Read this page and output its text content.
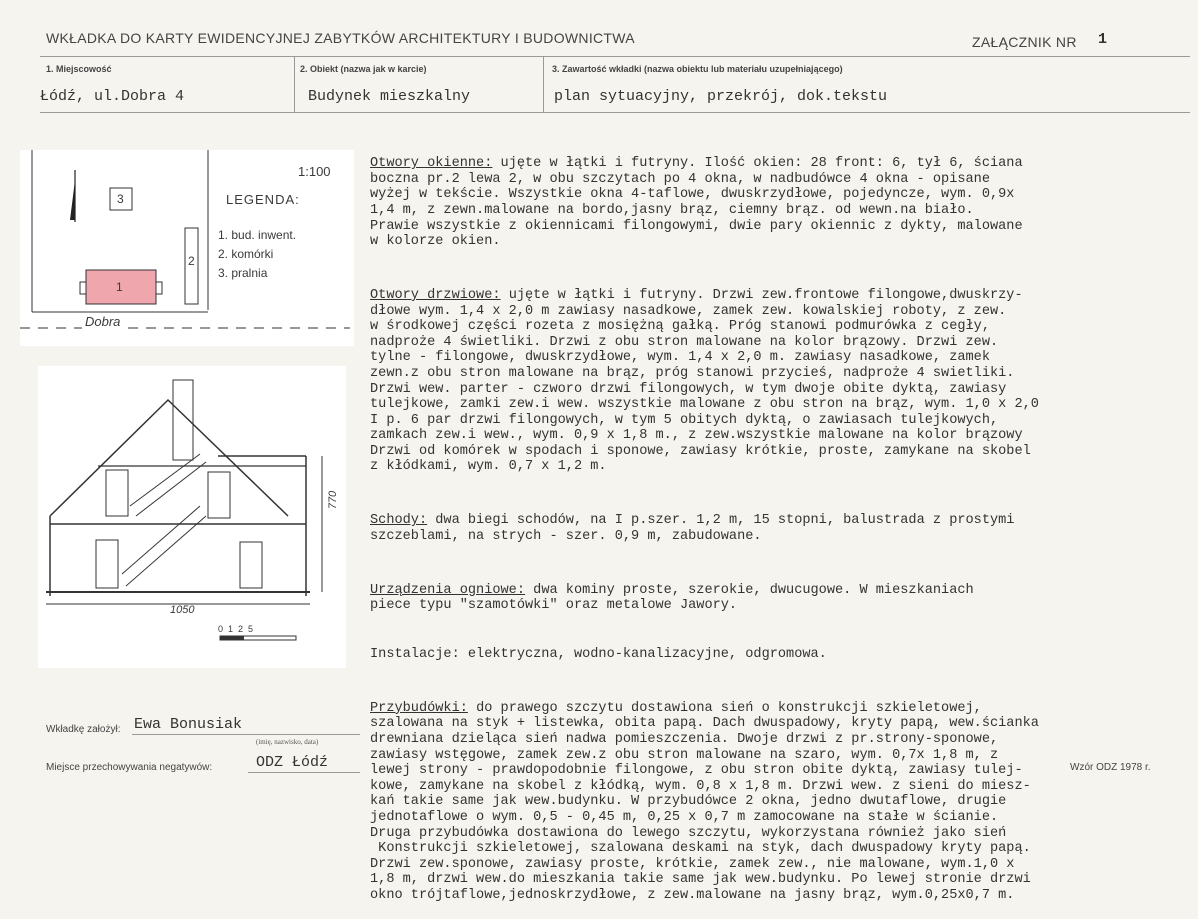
WKŁADKA DO KARTY EWIDENCYJNEJ ZABYTKÓW ARCHITEKTURY I BUDOWNICTWA	ZAŁĄCZNIK NR 1
1. Miejscowość
Łódź, ul.Dobra 4
2. Obiekt (nazwa jak w karcie)
Budynek mieszkalny
3. Zawartość wkładki (nazwa obiektu lub materiału uzupełniającego)
plan sytuacyjny, przekrój, dok.tekstu
3
2
1
1:100
LEGENDA:
1. bud. inwent.
2. komórki
3. pralnia
Dobra
1050
770
0  1  2  5

Otwory okienne: ujęte w łątki i futryny. Ilość okien: 28 front: 6, tył 6, ściana
boczna pr.2 lewa 2, w obu szczytach po 4 okna, w nadbudówce 4 okna - opisane
wyżej w tekście. Wszystkie okna 4-taflowe, dwuskrzydłowe, pojedyncze, wym. 0,9x
1,4 m, z zewn.malowane na bordo,jasny brąz, ciemny brąz. od wewn.na biało.
Prawie wszystkie z okiennicami filongowymi, dwie pary okiennic z dykty, malowane
w kolorze okien.

Otwory drzwiowe: ujęte w łątki i futryny. Drzwi zew.frontowe filongowe,dwuskrzy-
dłowe wym. 1,4 x 2,0 m zawiasy nasadkowe, zamek zew. kowalskiej roboty, z zew.
w środkowej części rozeta z mosiężną gałką. Próg stanowi podmurówka z cegły,
nadproże 4 świetliki. Drzwi z obu stron malowane na kolor brązowy. Drzwi zew.
tylne - filongowe, dwuskrzydłowe, wym. 1,4 x 2,0 m. zawiasy nasadkowe, zamek
zewn.z obu stron malowane na brąz, próg stanowi przycieś, nadproże 4 swietliki.
Drzwi wew. parter - czworo drzwi filongowych, w tym dwoje obite dyktą, zawiasy
tulejkowe, zamki zew.i wew. wszystkie malowane z obu stron na brąz, wym. 1,0 x 2,0
I p. 6 par drzwi filongowych, w tym 5 obitych dyktą, o zawiasach tulejkowych,
zamkach zew.i wew., wym. 0,9 x 1,8 m., z zew.wszystkie malowane na kolor brązowy
Drzwi od komórek w spodach i sponowe, zawiasy krótkie, proste, zamykane na skobel
z kłódkami, wym. 0,7 x 1,2 m.

Schody: dwa biegi schodów, na I p.szer. 1,2 m, 15 stopni, balustrada z prostymi
szczeblami, na strych - szer. 0,9 m, zabudowane.

Urządzenia ogniowe: dwa kominy proste, szerokie, dwucugowe. W mieszkaniach
piece typu "szamotówki" oraz metalowe Jawory.

Instalacje: elektryczna, wodno-kanalizacyjne, odgromowa.

Przybudówki: do prawego szczytu dostawiona sień o konstrukcji szkieletowej,
szalowana na styk + listewka, obita papą. Dach dwuspadowy, kryty papą, wew.ścianka
drewniana dzieląca sień nadwa pomieszczenia. Dwoje drzwi z pr.strony-sponowe,
zawiasy wstęgowe, zamek zew.z obu stron malowane na szaro, wym. 0,7x 1,8 m, z
lewej strony - prawdopodobnie filongowe, z obu stron obite dyktą, zawiasy tulej-
kowe, zamykane na skobel z kłódką, wym. 0,8 x 1,8 m. Drzwi wew. z sieni do miesz-
kań takie same jak wew.budynku. W przybudówce 2 okna, jedno dwutaflowe, drugie
jednotaflowe o wym. 0,5 - 0,45 m, 0,25 x 0,7 m zamocowane na stałe w ścianie.
Druga przybudówka dostawiona do lewego szczytu, wykorzystana również jako sień
Konstrukcji szkieletowej, szalowana deskami na styk, dach dwuspadowy kryty papą.
Drzwi zew.sponowe, zawiasy proste, krótkie, zamek zew., nie malowane, wym.1,0 x
1,8 m, drzwi wew.do mieszkania takie same jak wew.budynku. Po lewej stronie drzwi
okno trójtaflowe,jednoskrzydłowe, z zew.malowane na jasny brąz, wym.0,25x0,7 m.

Wkładkę założył: Ewa Bonusiak
(imię, nazwisko, data)
Miejsce przechowywania negatywów:	ODZ Łódź	Wzór ODZ 1978 r.
